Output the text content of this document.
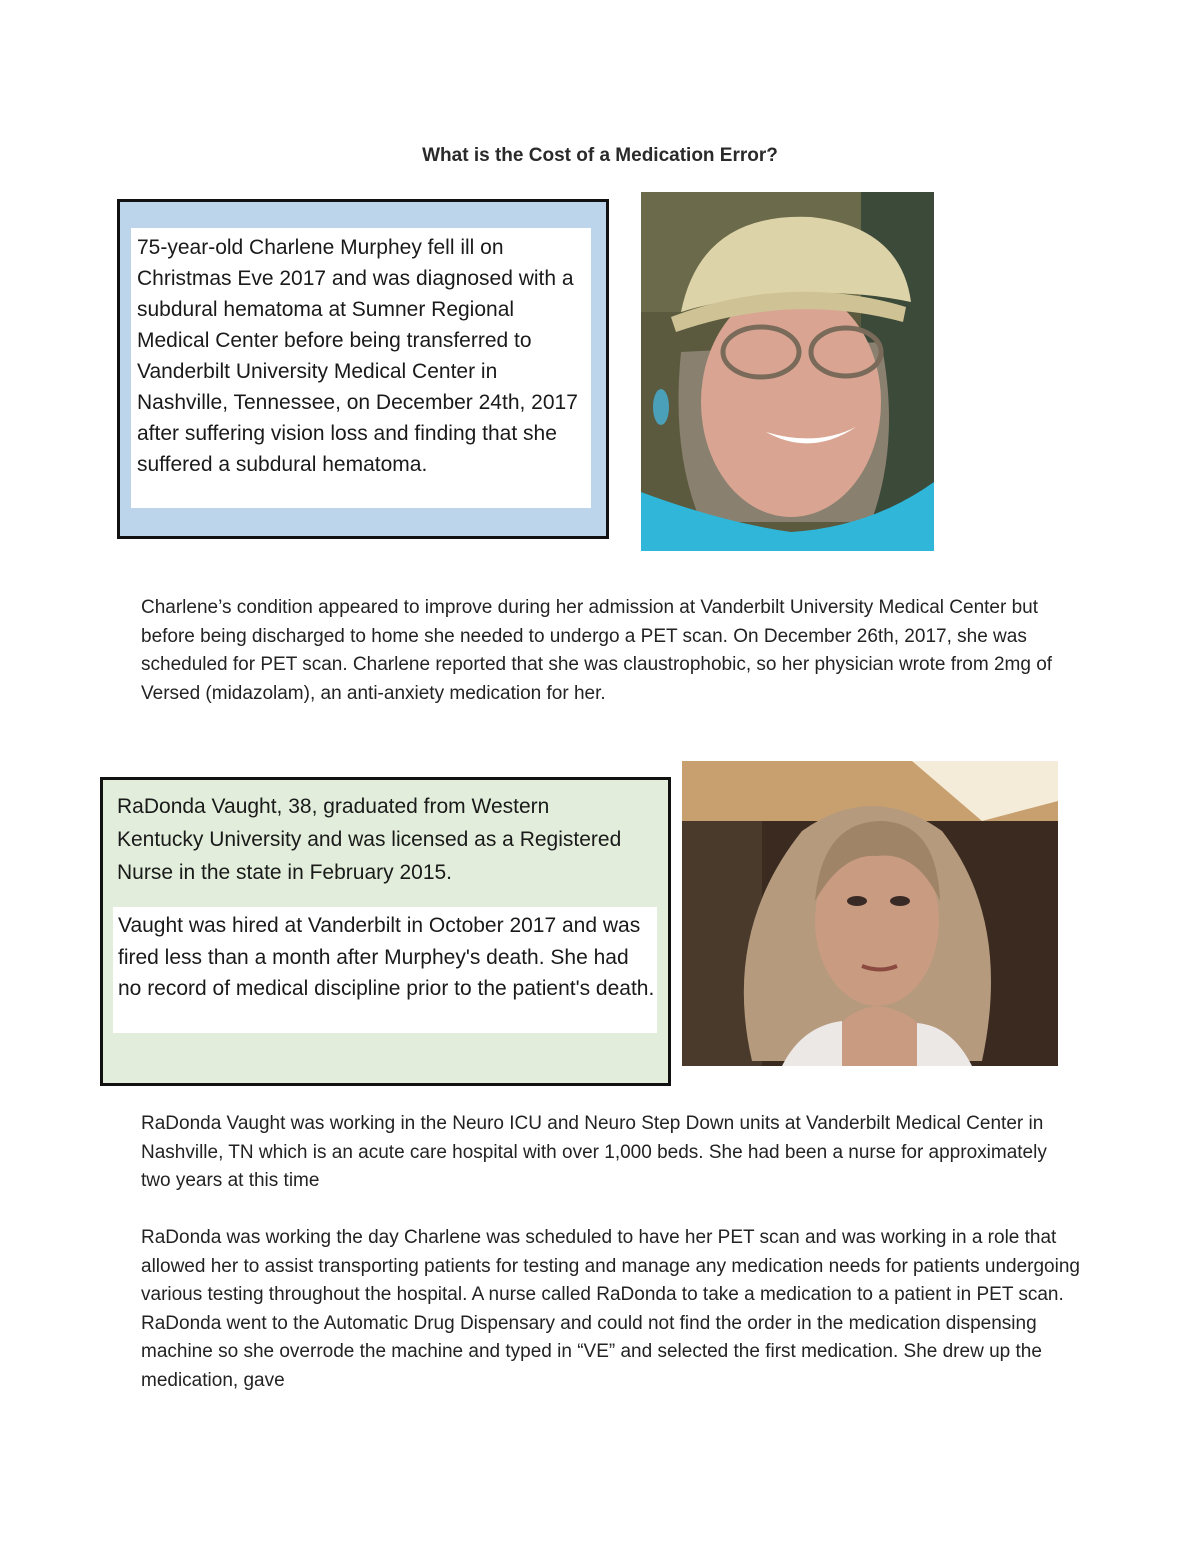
What is the Cost of a Medication Error?
75-year-old Charlene Murphey fell ill on Christmas Eve 2017 and was diagnosed with a subdural hematoma at Sumner Regional Medical Center before being transferred to Vanderbilt University Medical Center in Nashville, Tennessee, on December 24th, 2017 after suffering vision loss and finding that she suffered a subdural hematoma.
Charlene’s condition appeared to improve during her admission at Vanderbilt University Medical Center but before being discharged to home she needed to undergo a PET scan. On December 26th, 2017, she was scheduled for PET scan. Charlene reported that she was claustrophobic, so her physician wrote from 2mg of Versed (midazolam), an anti-anxiety medication for her.
RaDonda Vaught, 38, graduated from Western Kentucky University and was licensed as a Registered Nurse in the state in February 2015.
Vaught was hired at Vanderbilt in October 2017 and was fired less than a month after Murphey's death. She had no record of medical discipline prior to the patient's death.
RaDonda Vaught was working in the Neuro ICU and Neuro Step Down units at Vanderbilt Medical Center in Nashville, TN which is an acute care hospital with over 1,000 beds. She had been a nurse for approximately two years at this time
RaDonda was working the day Charlene was scheduled to have her PET scan and was working in a role that allowed her to assist transporting patients for testing and manage any medication needs for patients undergoing various testing throughout the hospital. A nurse called RaDonda to take a medication to a patient in PET scan. RaDonda went to the Automatic Drug Dispensary and could not find the order in the medication dispensing machine so she overrode the machine and typed in “VE” and selected the first medication. She drew up the medication, gave
